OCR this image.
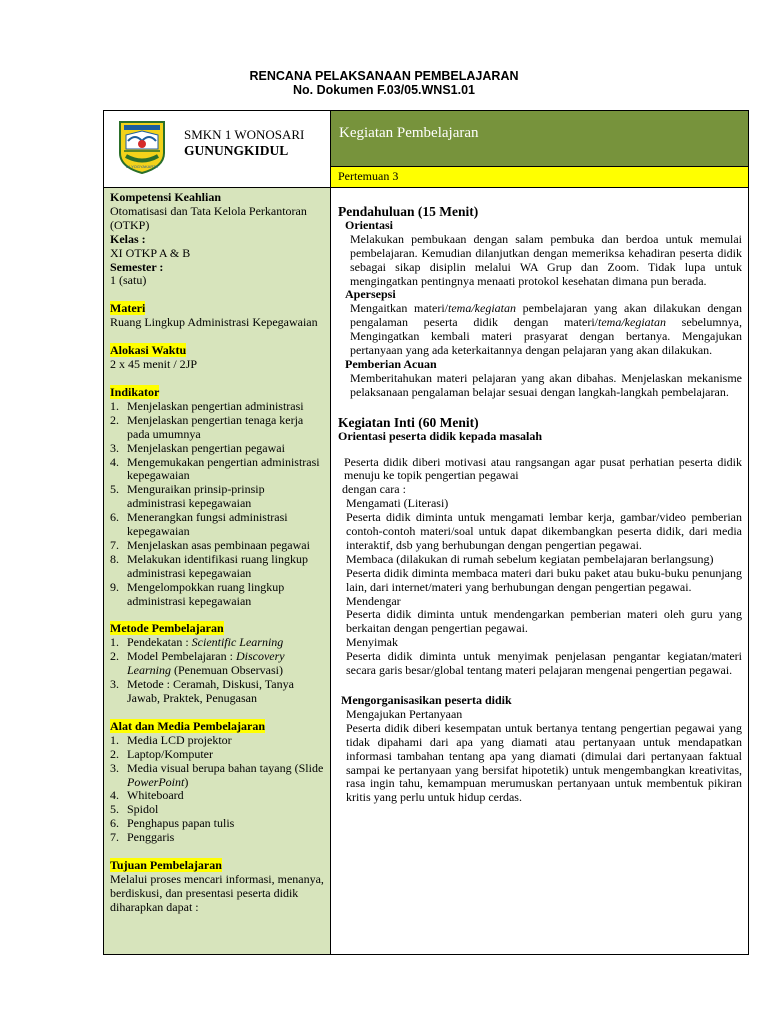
RENCANA PELAKSANAAN PEMBELAJARAN
No. Dokumen F.03/05.WNS1.01
DI YOGYAKARTA
SMKN 1 WONOSARI
GUNUNGKIDUL
Kegiatan Pembelajaran
Pertemuan 3
Kompetensi Keahlian
Otomatisasi dan Tata Kelola Perkantoran (OTKP)
Kelas :
XI OTKP A & B
Semester :
1 (satu)
Materi
Ruang Lingkup Administrasi Kepegawaian
Alokasi Waktu
2 x 45 menit / 2JP
Indikator
1. Menjelaskan pengertian administrasi
2. Menjelaskan pengertian tenaga kerja pada umumnya
3. Menjelaskan pengertian pegawai
4. Mengemukakan pengertian administrasi kepegawaian
5. Menguraikan prinsip-prinsip administrasi kepegawaian
6. Menerangkan fungsi administrasi kepegawaian
7. Menjelaskan asas pembinaan pegawai
8. Melakukan identifikasi ruang lingkup administrasi kepegawaian
9. Mengelompokkan ruang lingkup administrasi kepegawaian
Metode Pembelajaran
1. Pendekatan : Scientific Learning
2. Model Pembelajaran : Discovery Learning (Penemuan Observasi)
3. Metode : Ceramah, Diskusi, Tanya Jawab, Praktek, Penugasan
Alat dan Media Pembelajaran
1. Media LCD projektor
2. Laptop/Komputer
3. Media visual berupa bahan tayang (Slide PowerPoint)
4. Whiteboard
5. Spidol
6. Penghapus papan tulis
7. Penggaris
Tujuan Pembelajaran
Melalui proses mencari informasi, menanya, berdiskusi, dan presentasi peserta didik diharapkan dapat :
Pendahuluan (15 Menit)
Orientasi
Melakukan pembukaan dengan salam pembuka dan berdoa untuk memulai pembelajaran. Kemudian dilanjutkan dengan memeriksa kehadiran peserta didik sebagai sikap disiplin melalui WA Grup dan Zoom. Tidak lupa untuk mengingatkan pentingnya menaati protokol kesehatan dimana pun berada.
Apersepsi
Mengaitkan materi/tema/kegiatan pembelajaran yang akan dilakukan dengan pengalaman peserta didik dengan materi/tema/kegiatan sebelumnya, Mengingatkan kembali materi prasyarat dengan bertanya. Mengajukan pertanyaan yang ada keterkaitannya dengan pelajaran yang akan dilakukan.
Pemberian Acuan
Memberitahukan materi pelajaran yang akan dibahas. Menjelaskan mekanisme pelaksanaan pengalaman belajar sesuai dengan langkah-langkah pembelajaran.
Kegiatan Inti (60 Menit)
Orientasi peserta didik kepada masalah
Peserta didik diberi motivasi atau rangsangan agar pusat perhatian peserta didik menuju ke topik pengertian pegawai
dengan cara :
Mengamati (Literasi)
Peserta didik diminta untuk mengamati lembar kerja, gambar/video pemberian contoh-contoh materi/soal untuk dapat dikembangkan peserta didik, dari media interaktif, dsb yang berhubungan dengan pengertian pegawai.
Membaca (dilakukan di rumah sebelum kegiatan pembelajaran berlangsung)
Peserta didik diminta membaca materi dari buku paket atau buku-buku penunjang lain, dari internet/materi yang berhubungan dengan pengertian pegawai.
Mendengar
Peserta didik diminta untuk mendengarkan pemberian materi oleh guru yang berkaitan dengan pengertian pegawai.
Menyimak
Peserta didik diminta untuk menyimak penjelasan pengantar kegiatan/materi secara garis besar/global tentang materi pelajaran mengenai pengertian pegawai.
Mengorganisasikan peserta didik
Mengajukan Pertanyaan
Peserta didik diberi kesempatan untuk bertanya tentang pengertian pegawai yang tidak dipahami dari apa yang diamati atau pertanyaan untuk mendapatkan informasi tambahan tentang apa yang diamati (dimulai dari pertanyaan faktual sampai ke pertanyaan yang bersifat hipotetik) untuk mengembangkan kreativitas, rasa ingin tahu, kemampuan merumuskan pertanyaan untuk membentuk pikiran kritis yang perlu untuk hidup cerdas.
